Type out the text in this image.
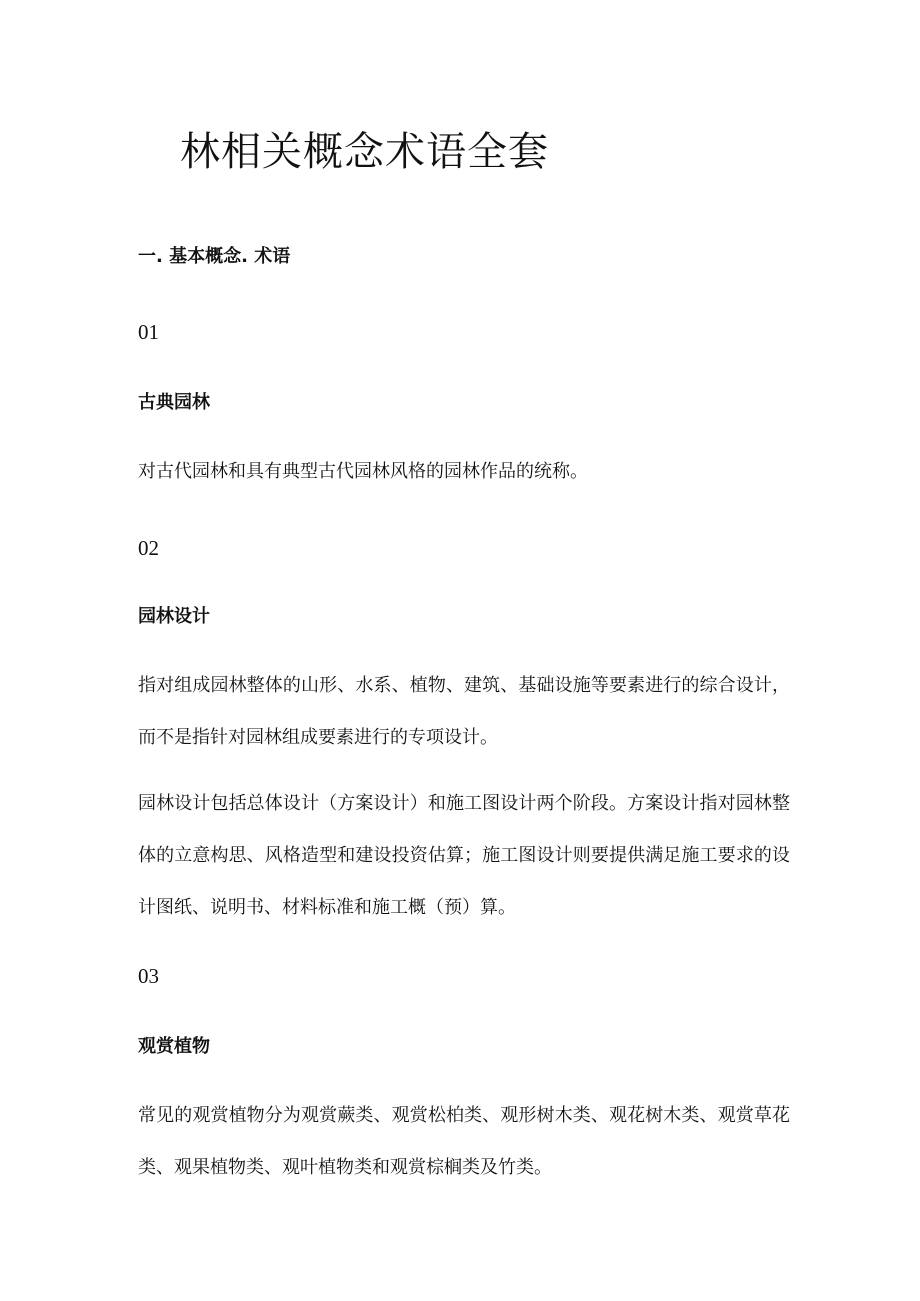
林相关概念术语全套
一. 基本概念. 术语
01
古典园林

对古代园林和具有典型古代园林风格的园林作品的统称。

02
园林设计

指对组成园林整体的山形、水系、植物、建筑、基础设施等要素进行的综合设计，而不是指针对园林组成要素进行的专项设计。

园林设计包括总体设计（方案设计）和施工图设计两个阶段。方案设计指对园林整体的立意构思、风格造型和建设投资估算；施工图设计则要提供满足施工要求的设计图纸、说明书、材料标准和施工概（预）算。

03
观赏植物

常见的观赏植物分为观赏蕨类、观赏松柏类、观形树木类、观花树木类、观赏草花类、观果植物类、观叶植物类和观赏棕榈类及竹类。
